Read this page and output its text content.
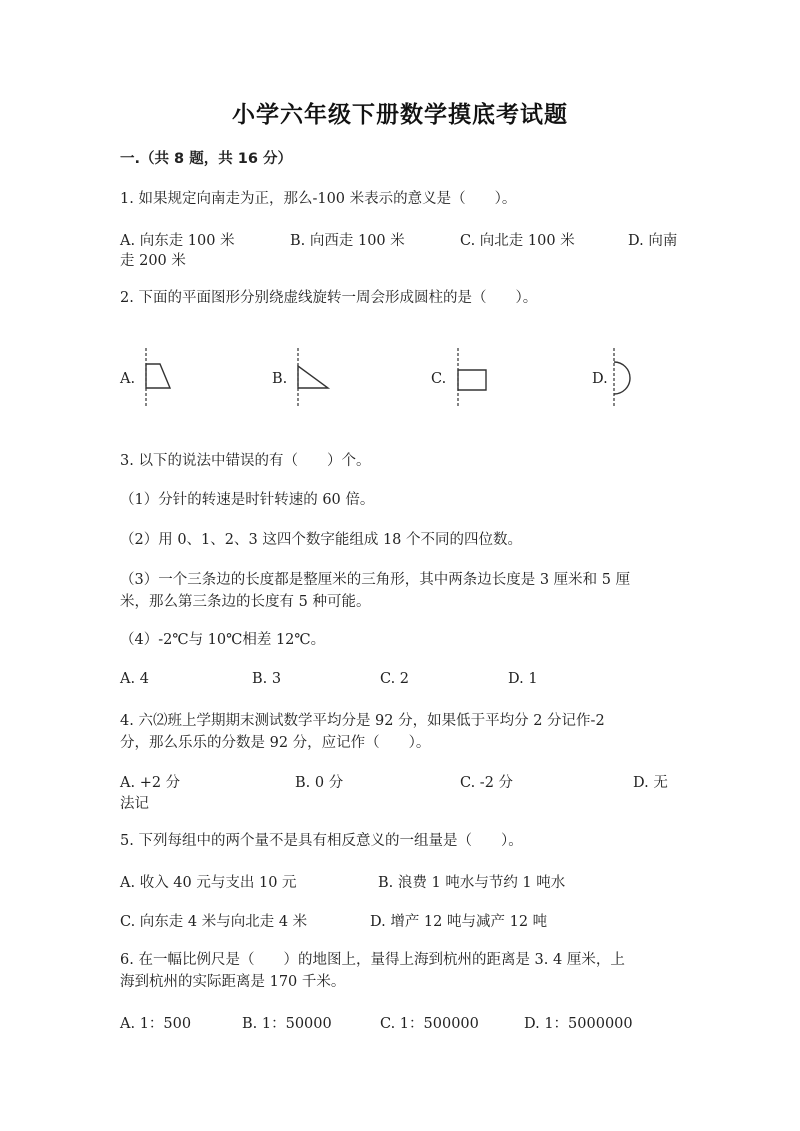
小学六年级下册数学摸底考试题
一.（共 8 题，共 16 分）
1. 如果规定向南走为正，那么-100 米表示的意义是（　　）。
A. 向东走 100 米	B. 向西走 100 米	C. 向北走 100 米	D. 向南
走 200 米
2. 下面的平面图形分别绕虚线旋转一周会形成圆柱的是（　　）。
A.	B.	C.	D.
3. 以下的说法中错误的有（　　）个。
（1）分针的转速是时针转速的 60 倍。
（2）用 0、1、2、3 这四个数字能组成 18 个不同的四位数。
（3）一个三条边的长度都是整厘米的三角形，其中两条边长度是 3 厘米和 5 厘
米，那么第三条边的长度有 5 种可能。
（4）-2℃与 10℃相差 12℃。
A. 4	B. 3	C. 2	D. 1
4. 六⑵班上学期期末测试数学平均分是 92 分，如果低于平均分 2 分记作-2
分，那么乐乐的分数是 92 分，应记作（　　）。
A. +2 分	B. 0 分	C. -2 分	D. 无
法记
5. 下列每组中的两个量不是具有相反意义的一组量是（　　）。
A. 收入 40 元与支出 10 元	B. 浪费 1 吨水与节约 1 吨水
C. 向东走 4 米与向北走 4 米	D. 增产 12 吨与减产 12 吨
6. 在一幅比例尺是（　　）的地图上，量得上海到杭州的距离是 3. 4 厘米，上
海到杭州的实际距离是 170 千米。
A. 1：500	B. 1：50000	C. 1：500000	D. 1：5000000
